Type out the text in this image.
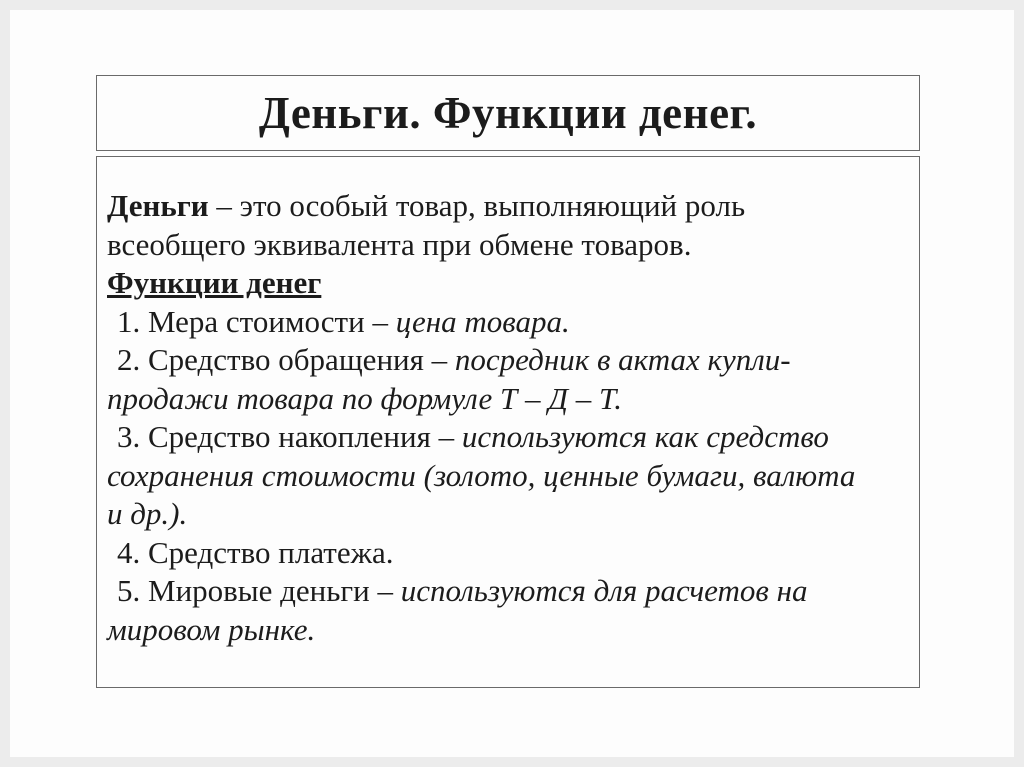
Деньги. Функции денег.
Деньги – это особый товар, выполняющий роль
всеобщего эквивалента при обмене товаров.
Функции денег
1. Мера стоимости – цена товара.
2. Средство обращения – посредник в актах купли-
продажи товара по формуле Т – Д – Т.
3. Средство накопления – используются как средство
сохранения стоимости (золото, ценные бумаги, валюта
и др.).
4. Средство платежа.
5. Мировые деньги – используются для расчетов на
мировом рынке.
